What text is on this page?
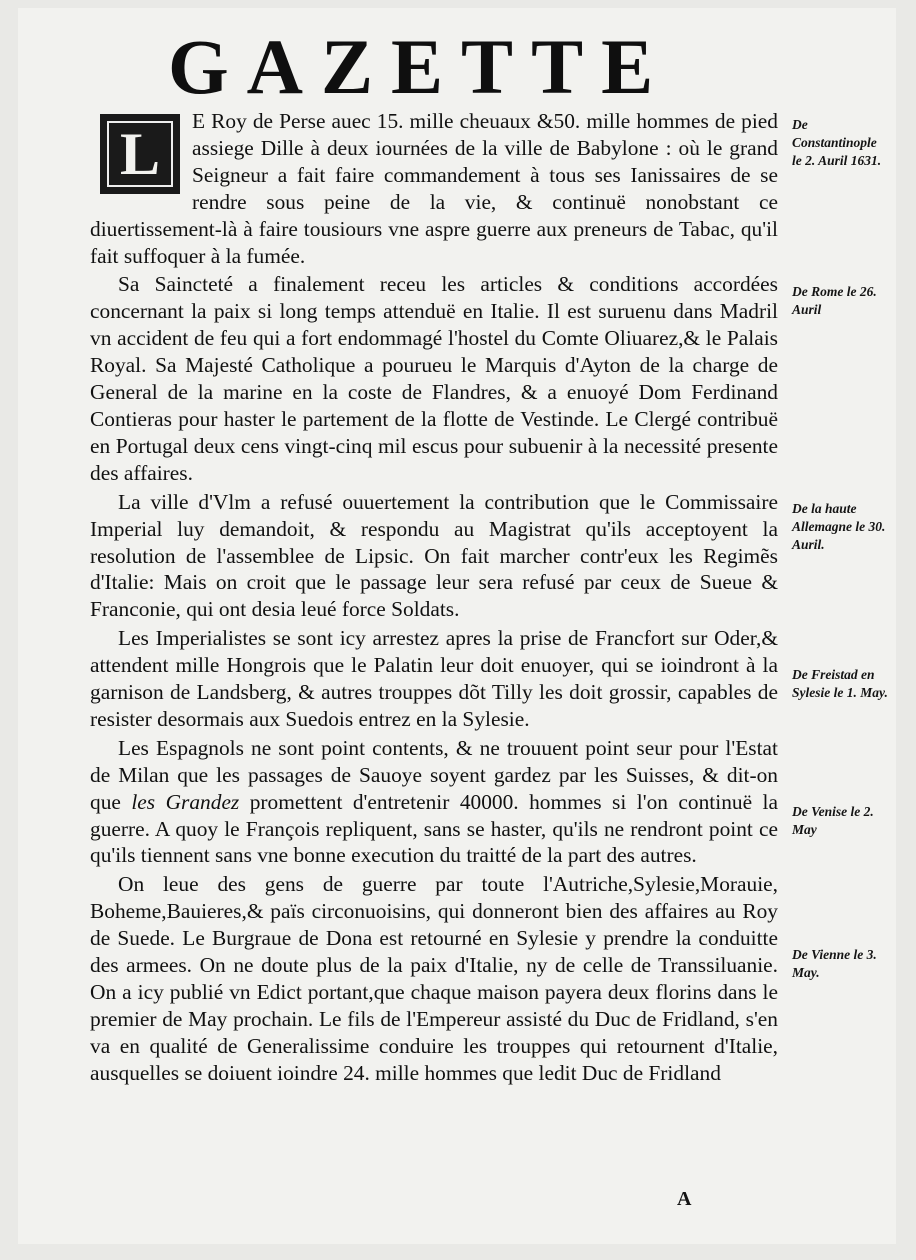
GAZETTE
L	E Roy de Perse auec 15. mille cheuaux &50. mille hommes de pied assiege Dille à deux iournées de la ville de Babylone : où le grand Seigneur a fait faire commandement à tous ses Ianissaires de se rendre sous peine de la vie, & continuë nonobstant ce diuertissement-là à faire tousiours vne aspre guerre aux preneurs de Tabac, qu'il fait suffoquer à la fumée.

Sa Saincteté a finalement receu les articles & conditions accordées concernant la paix si long temps attenduë en Italie. Il est suruenu dans Madril vn accident de feu qui a fort endommagé l'hostel du Comte Oliuarez,& le Palais Royal. Sa Majesté Catholique a pourueu le Marquis d'Ayton de la charge de General de la marine en la coste de Flandres, & a enuoyé Dom Ferdinand Contieras pour haster le partement de la flotte de Vestinde. Le Clergé contribuë en Portugal deux cens vingt-cinq mil escus pour subuenir à la necessité presente des affaires.

La ville d'Vlm a refusé ouuertement la contribution que le Commissaire Imperial luy demandoit, & respondu au Magistrat qu'ils acceptoyent la resolution de l'assemblee de Lipsic. On fait marcher contr'eux les Regimẽs d'Italie: Mais on croit que le passage leur sera refusé par ceux de Sueue & Franconie, qui ont desia leué force Soldats.

Les Imperialistes se sont icy arrestez apres la prise de Francfort sur Oder,& attendent mille Hongrois que le Palatin leur doit enuoyer, qui se ioindront à la garnison de Landsberg, & autres trouppes dõt Tilly les doit grossir, capables de resister desormais aux Suedois entrez en la Sylesie.

Les Espagnols ne sont point contents, & ne trouuent point seur pour l'Estat de Milan que les passages de Sauoye soyent gardez par les Suisses, & dit-on que les Grandez promettent d'entretenir 40000. hommes si l'on continuë la guerre. A quoy le François repliquent, sans se haster, qu'ils ne rendront point ce qu'ils tiennent sans vne bonne execution du traitté de la part des autres.

On leue des gens de guerre par toute l'Autriche,Sylesie,Morauie, Boheme,Bauieres,& païs circonuoisins, qui donneront bien des affaires au Roy de Suede. Le Burgraue de Dona est retourné en Sylesie y prendre la conduitte des armees. On ne doute plus de la paix d'Italie, ny de celle de Transsiluanie. On a icy publié vn Edict portant,que chaque maison payera deux florins dans le premier de May prochain. Le fils de l'Empereur assisté du Duc de Fridland, s'en va en qualité de Generalissime conduire les trouppes qui retournent d'Italie, ausquelles se doiuent ioindre 24. mille hommes que ledit Duc de Fridland

De Constantinople le 2. Auril 1631.
De Rome le 26. Auril
De la haute Allemagne le 30. Auril.
De Freistad en Sylesie le 1. May.
De Venise le 2. May
De Vienne le 3. May.
A
